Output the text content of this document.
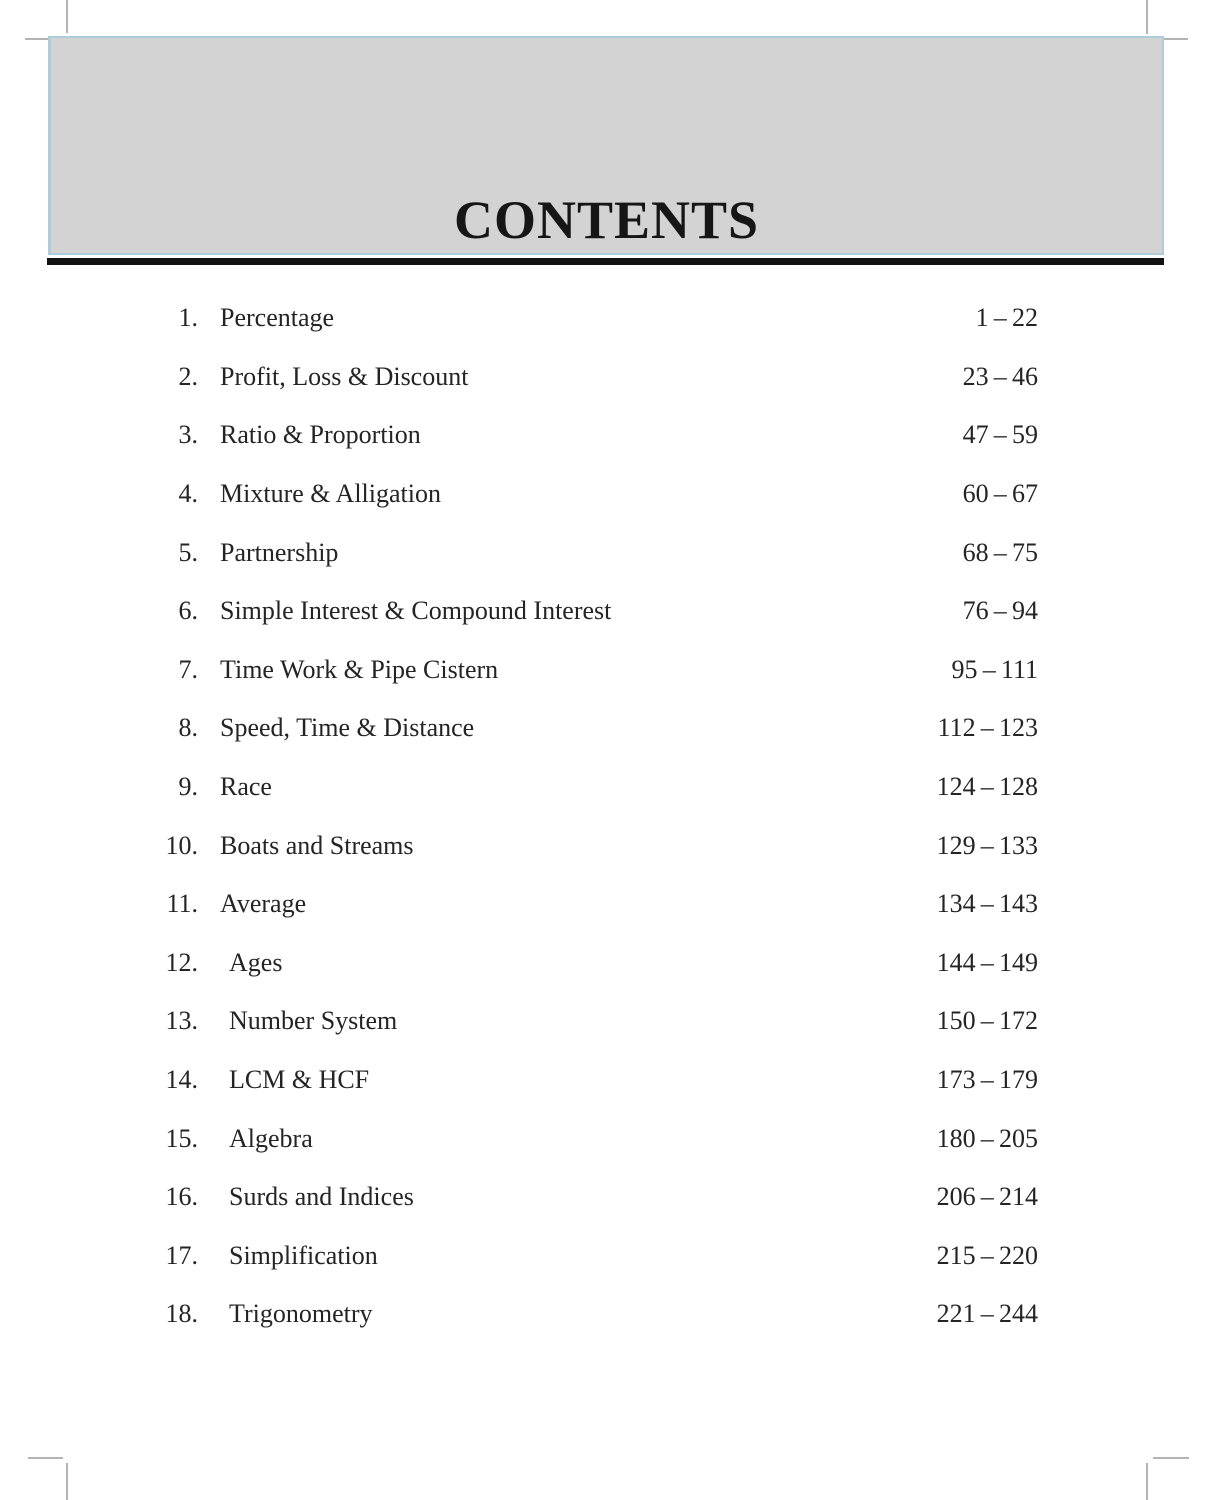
CONTENTS
1. Percentage	1 – 22
2. Profit, Loss & Discount	23 – 46
3. Ratio & Proportion	47 – 59
4. Mixture & Alligation	60 – 67
5. Partnership	68 – 75
6. Simple Interest & Compound Interest	76 – 94
7. Time Work & Pipe Cistern	95 – 111
8. Speed, Time & Distance	112 – 123
9. Race	124 – 128
10. Boats and Streams	129 – 133
11. Average	134 – 143
12. Ages	144 – 149
13. Number System	150 – 172
14. LCM & HCF	173 – 179
15. Algebra	180 – 205
16. Surds and Indices	206 – 214
17. Simplification	215 – 220
18. Trigonometry	221 – 244
